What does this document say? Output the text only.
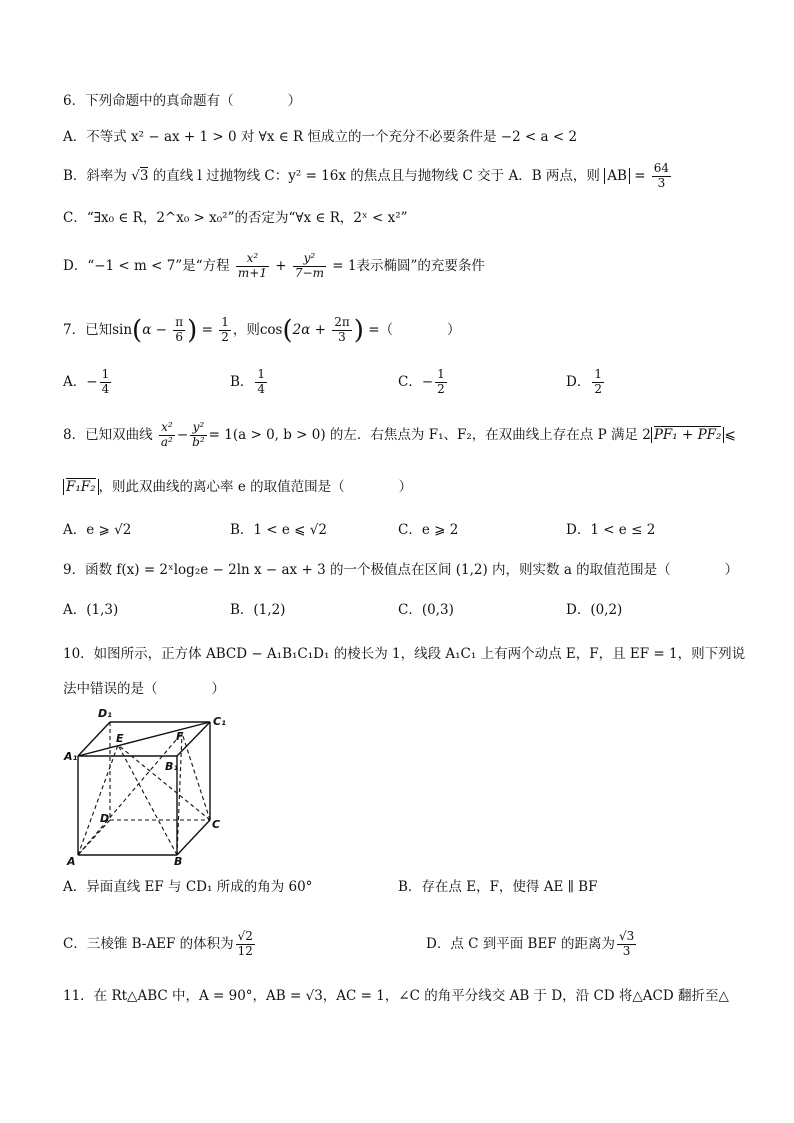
6．下列命题中的真命题有（　　　　）
A．不等式 x² − ax + 1 > 0 对 ∀x ∈ R 恒成立的一个充分不必要条件是 −2 < a < 2
B．斜率为 √3 的直线 l 过抛物线 C：y² = 16x 的焦点且与抛物线 C 交于 A．B 两点，则 AB = $\frac{64}{3}$
C．“∃x₀ ∈ R，2^x₀ > x₀²”的否定为“∀x ∈ R，2ˣ < x²”
D．“−1 < m < 7”是“方程 $\frac{\text{x²}}{m+1} + \frac{\text{y²}}{7-m} = 1$表示椭圆”的充要条件
7．已知$\sin(\alpha - \frac{\pi}{6}$ ) = $\frac{1}{2}$ ，则$\cos(2\alpha + \frac{2\pi}{3}$ ) =（　　　　）
A．− $\frac{1}{4}$	B． $\frac{1}{4}$	C．− $\frac{1}{2}$	D． $\frac{1}{2}$
8．已知双曲线 $\frac{\text{x²}}{\text{a²}} - \frac{\text{y²}}{\text{b²}} = 1(a > 0$, b > 0) 的左．右焦点为 F₁、F₂，在双曲线上存在点 P 满足 2 PF₁ + PF₂ ⩽
F₁F₂ ，则此双曲线的离心率 e 的取值范围是（　　　　）
A．e ⩾ √2	B．1 < e ⩽ √2	C．e ⩾ 2	D．1 < e ≤ 2
9．函数 f(x) = 2ˣlog₂e − 2ln x − ax + 3 的一个极值点在区间 (1,2) 内，则实数 a 的取值范围是（　　　　）
A．(1,3)	B．(1,2)	C．(0,3)	D．(0,2)
10．如图所示，正方体 ABCD − A₁B₁C₁D₁ 的棱长为 1，线段 A₁C₁ 上有两个动点 E，F，且 EF = 1，则下列说
法中错误的是（　　　　）
D₁
C₁
A₁
B₁
E	F
D	C
A	B
A．异面直线 EF 与 CD₁ 所成的角为 60°	B．存在点 E，F，使得 AE ∥ BF
C．三棱锥 B-AEF 的体积为 $\frac{√2}{12}$	D．点 C 到平面 BEF 的距离为 $\frac{√3}{3}$
11．在 Rt△ABC 中，A = 90°，AB = √3，AC = 1，∠C 的角平分线交 AB 于 D，沿 CD 将△ACD 翻折至△
